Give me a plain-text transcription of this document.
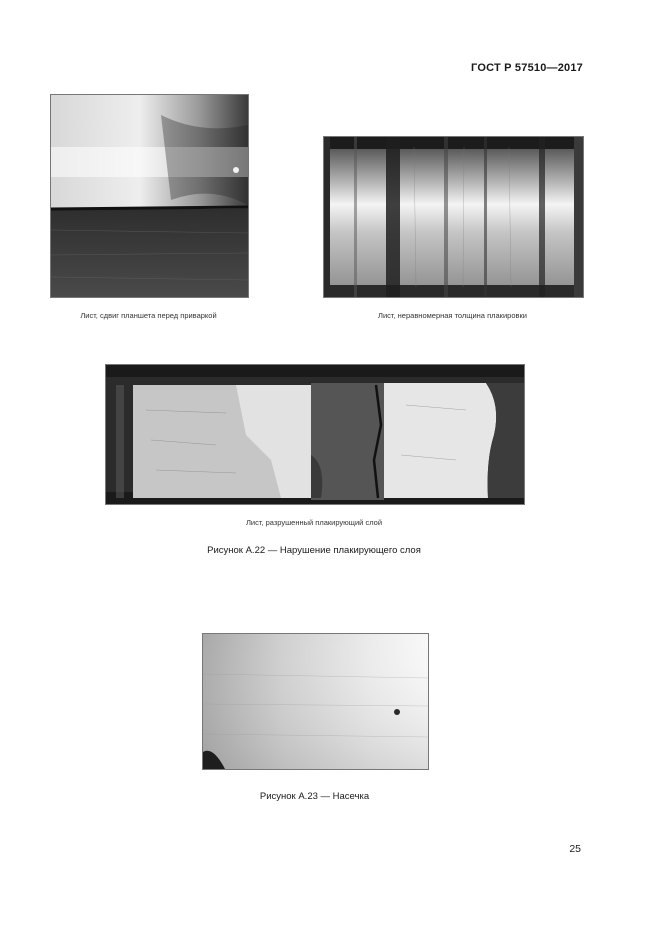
ГОСТ Р 57510—2017
Лист, сдвиг планшета перед приваркой	Лист, неравномерная толщина плакировки
Лист, разрушенный плакирующий слой
Рисунок А.22 — Нарушение плакирующего слоя
Рисунок А.23 — Насечка
25
